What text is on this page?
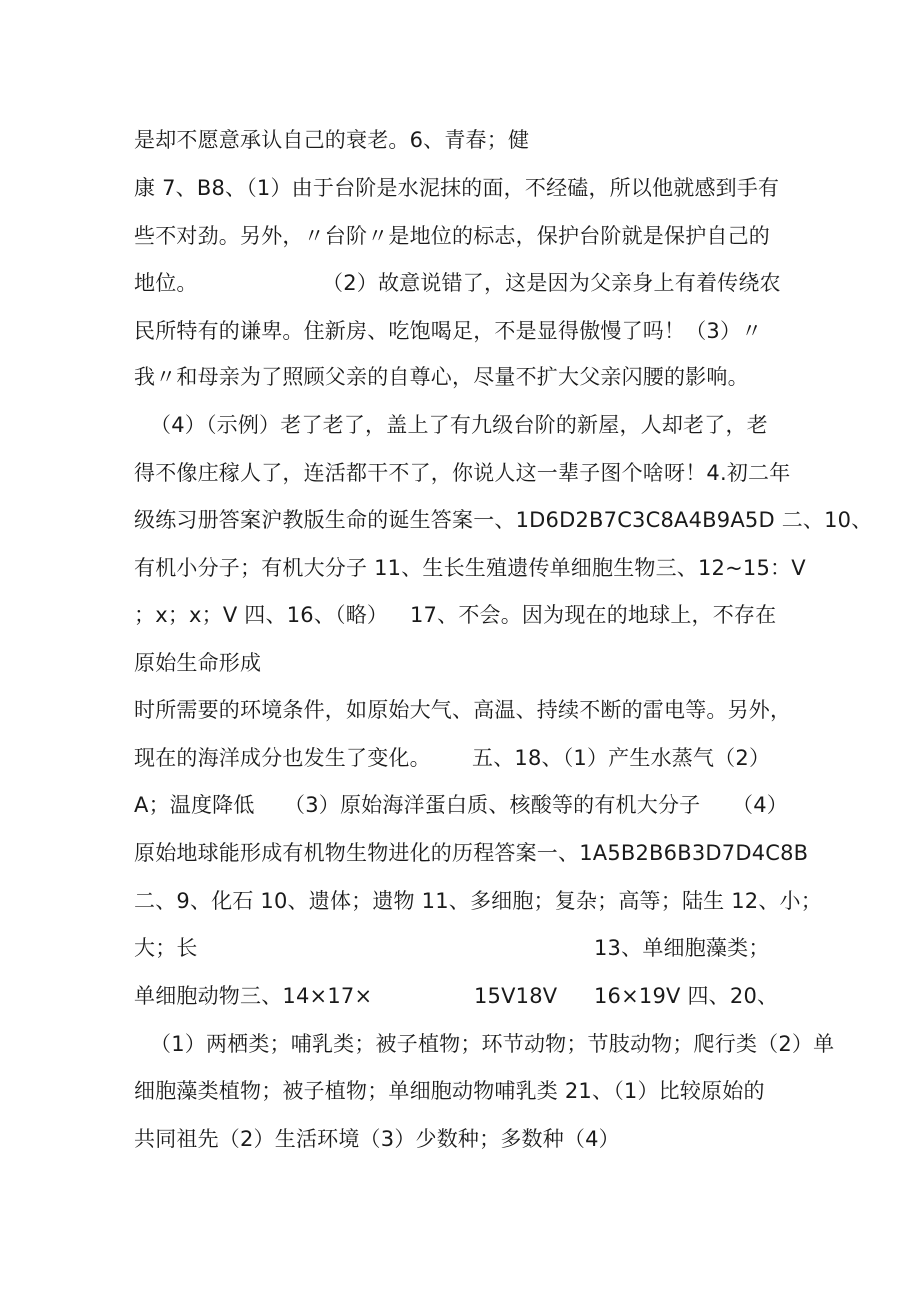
是却不愿意承认自己的衰老。6、青春；健
康 7、B8、（1）由于台阶是水泥抹的面，不经磕，所以他就感到手有
些不对劲。另外，〃台阶〃是地位的标志，保护台阶就是保护自己的
地位。	（2）故意说错了，这是因为父亲身上有着传绕农
民所特有的谦卑。住新房、吃饱喝足，不是显得傲慢了吗！（3）〃
我〃和母亲为了照顾父亲的自尊心，尽量不扩大父亲闪腰的影响。
（4）（示例）老了老了，盖上了有九级台阶的新屋，人却老了，老
得不像庄稼人了，连活都干不了，你说人这一辈子图个啥呀！4.初二年
级练习册答案沪教版生命的诞生答案一、1D6D2B7C3C8A4B9A5D 二、10、
有机小分子；有机大分子 11、生长生殖遗传单细胞生物三、12~15：V
；x；x；V 四、16、（略） 17、不会。因为现在的地球上，不存在
原始生命形成
时所需要的环境条件，如原始大气、高温、持续不断的雷电等。另外，
现在的海洋成分也发生了变化。 五、18、（1）产生水蒸气（2）
A；温度降低 （3）原始海洋蛋白质、核酸等的有机大分子 （4）
原始地球能形成有机物生物进化的历程答案一、1A5B2B6B3D7D4C8B
二、9、化石 10、遗体；遗物 11、多细胞；复杂；高等；陆生 12、小；
大；长	13、单细胞藻类；
单细胞动物三、14×17×	15V18V 16×19V 四、20、
（1）两栖类；哺乳类；被子植物；环节动物；节肢动物；爬行类（2）单
细胞藻类植物；被子植物；单细胞动物哺乳类 21、（1）比较原始的
共同祖先（2）生活环境（3）少数种；多数种（4）
